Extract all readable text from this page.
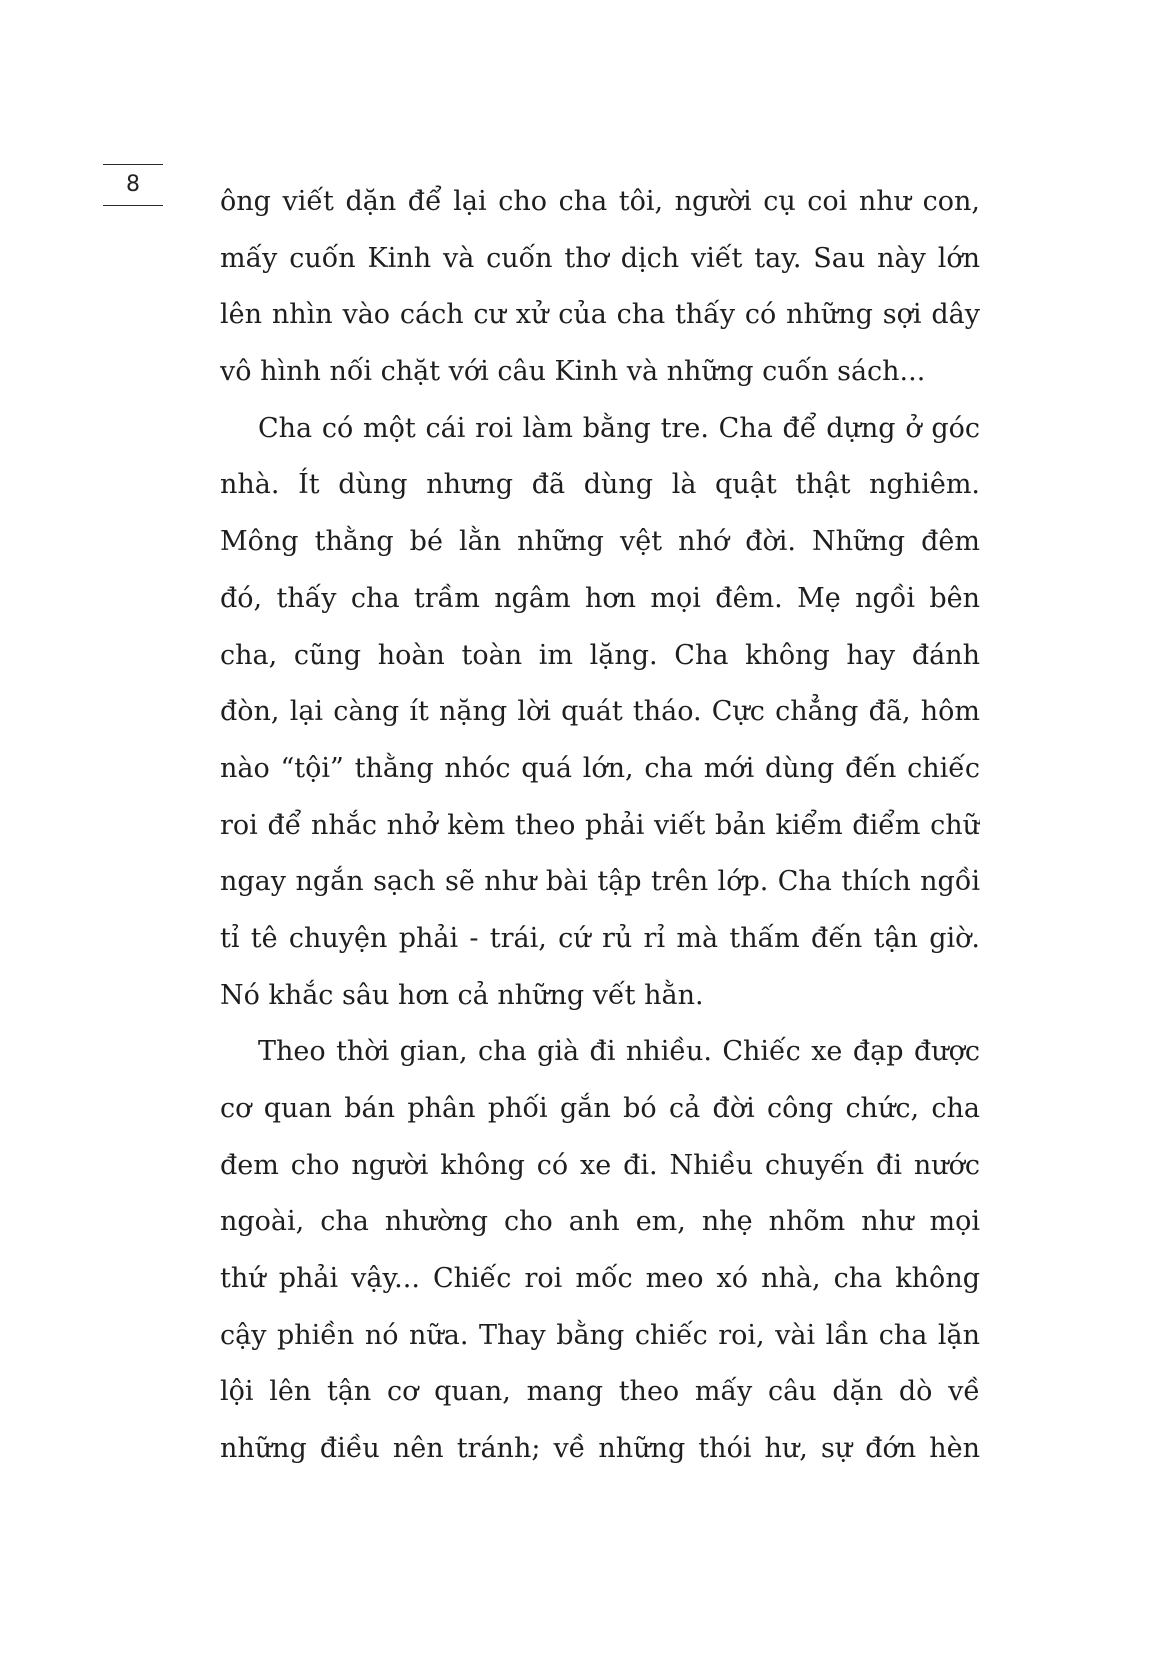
8
ông viết dặn để lại cho cha tôi, người cụ coi như con,
mấy cuốn Kinh và cuốn thơ dịch viết tay. Sau này lớn
lên nhìn vào cách cư xử của cha thấy có những sợi dây
vô hình nối chặt với câu Kinh và những cuốn sách...
Cha có một cái roi làm bằng tre. Cha để dựng ở góc
nhà. Ít dùng nhưng đã dùng là quật thật nghiêm.
Mông thằng bé lằn những vệt nhớ đời. Những đêm
đó, thấy cha trầm ngâm hơn mọi đêm. Mẹ ngồi bên
cha, cũng hoàn toàn im lặng. Cha không hay đánh
đòn, lại càng ít nặng lời quát tháo. Cực chẳng đã, hôm
nào “tội” thằng nhóc quá lớn, cha mới dùng đến chiếc
roi để nhắc nhở kèm theo phải viết bản kiểm điểm chữ
ngay ngắn sạch sẽ như bài tập trên lớp. Cha thích ngồi
tỉ tê chuyện phải - trái, cứ rủ rỉ mà thấm đến tận giờ.
Nó khắc sâu hơn cả những vết hằn.
Theo thời gian, cha già đi nhiều. Chiếc xe đạp được
cơ quan bán phân phối gắn bó cả đời công chức, cha
đem cho người không có xe đi. Nhiều chuyến đi nước
ngoài, cha nhường cho anh em, nhẹ nhõm như mọi
thứ phải vậy... Chiếc roi mốc meo xó nhà, cha không
cậy phiền nó nữa. Thay bằng chiếc roi, vài lần cha lặn
lội lên tận cơ quan, mang theo mấy câu dặn dò về
những điều nên tránh; về những thói hư, sự đớn hèn
